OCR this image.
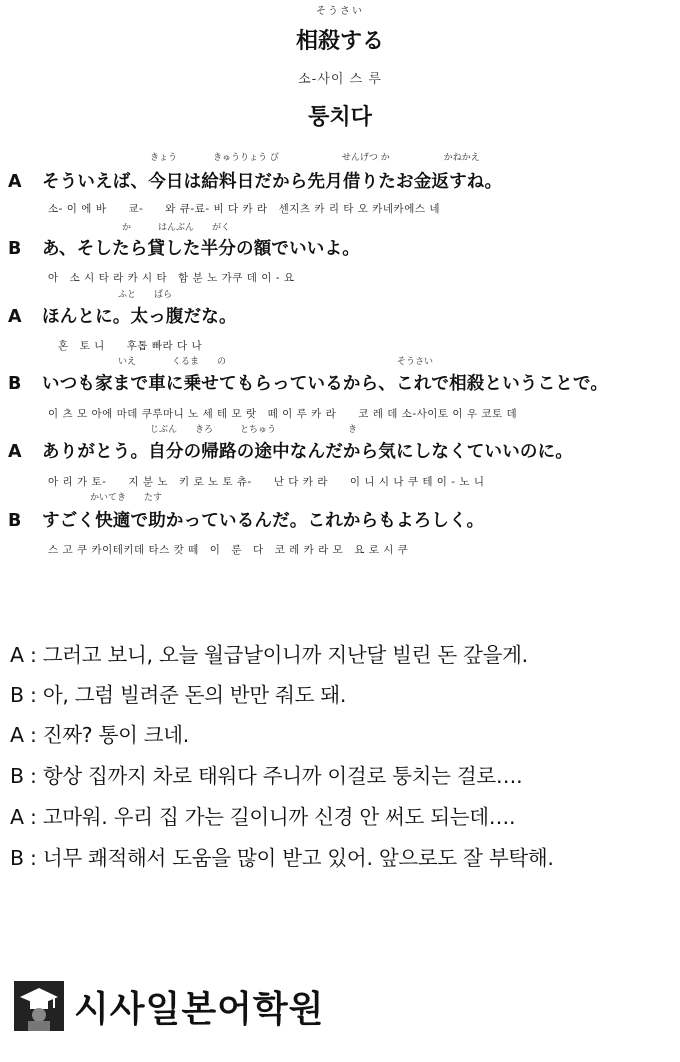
そうさい
相殺する
소-사이 스 루
퉁치다
きょう　　　　きゅうりょう び　　　　　　　せんげつ か　　　　　　かねかえ
A そういえば、今日は給料日だから先月借りたお金返すね。
소- 이 에 바　　쿄-　　와 큐-료- 비 다 카 라　센지츠 카 리 타 오 카네카에스 네
か　　　はんぶん　　がく
B あ、そしたら貸した半分の額でいいよ。
아　소 시 타 라 카 시 타　함 분 노 가쿠 데 이 - 요
ふと　　ばら
A ほんとに。太っ腹だな。
혼　토 니　　후톱 빠라 다 나
いえ　　　　くるま　　の　　　　　　　　　　　　　　　　　　　そうさい
B いつも家まで車に乗せてもらっているから、これで相殺ということで。
이 츠 모 아에 마데 쿠루마니 노 세 테 모 랏　떼 이 루 카 라　　코 레 데 소-사이토 이 우 코토 데
じぶん　　きろ　　　とちゅう　　　　　　　　き
A ありがとう。自分の帰路の途中なんだから気にしなくていいのに。
아 리 가 토-　　지 분 노　키 로 노 토 츄-　　난 다 카 라　　이 니 시 나 쿠 테 이 - 노 니
かいてき　　たす
B すごく快適で助かっているんだ。これからもよろしく。
스 고 쿠 카이테키데 타스 캇 떼　이　룬　다　코 레 카 라 모　요 로 시 쿠
A : 그러고 보니, 오늘 월급날이니까 지난달 빌린 돈 갚을게.
B : 아, 그럼 빌려준 돈의 반만 줘도 돼.
A : 진짜? 통이 크네.
B : 항상 집까지 차로 태워다 주니까 이걸로 퉁치는 걸로….
A : 고마워. 우리 집 가는 길이니까 신경 안 써도 되는데….
B : 너무 쾌적해서 도움을 많이 받고 있어. 앞으로도 잘 부탁해.
시사일본어학원
